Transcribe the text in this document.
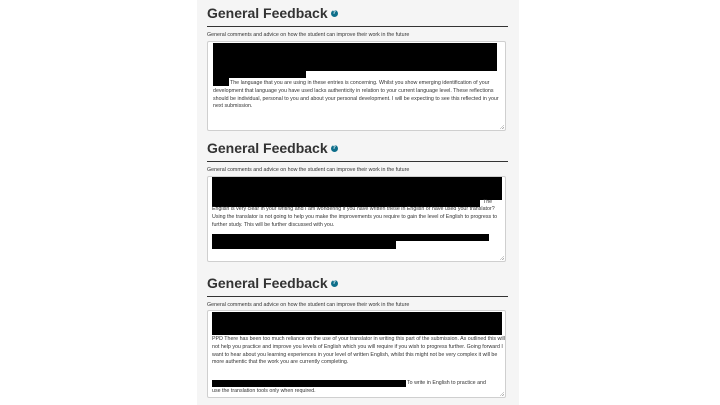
General Feedback ?
General comments and advice on how the student can improve their work in the future

The language that you are using in these entries is concerning. Whilst you show emerging identification of your development that language you have used lacks authenticity in relation to your current language level. These reflections should be individual, personal to you and about your personal development. I will be expecting to see this reflected in your next submission.

General Feedback ?
General comments and advice on how the student can improve their work in the future
The

English is very clear in your writing and I am wondering if you have written these in English or have used your translator? Using the translator is not going to help you make the improvements you require to gain the level of English to progress to further study. This will be further discussed with you.

General Feedback ?
General comments and advice on how the student can improve their work in the future

PPD There has been too much reliance on the use of your translator in writing this part of the submission. As outlined this will not help you practice and improve you levels of English which you will require if you wish to progress further. Going forward I want to hear about you learning experiences in your level of written English, whilst this might not be very complex it will be more authentic that the work you are currently completing.

To write in English to practice and

use the translation tools only when required.
